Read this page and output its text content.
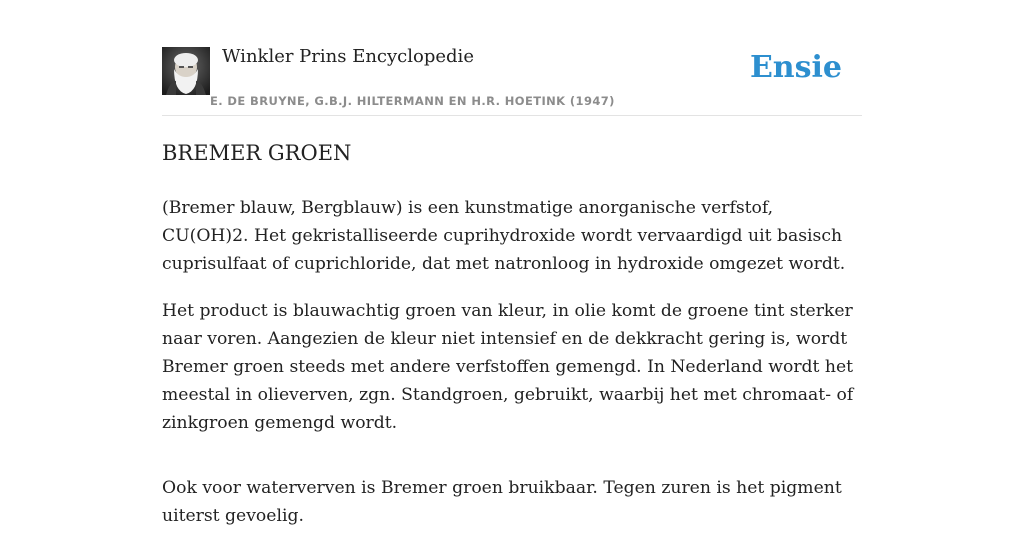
Winkler Prins Encyclopedie
E. DE BRUYNE, G.B.J. HILTERMANN EN H.R. HOETINK (1947)
Ensie
BREMER GROEN

(Bremer blauw, Bergblauw) is een kunstmatige anorganische verfstof, CU(OH)2. Het gekristalliseerde cuprihydroxide wordt vervaardigd uit basisch cuprisulfaat of cuprichloride, dat met natronloog in hydroxide omgezet wordt.

Het product is blauwachtig groen van kleur, in olie komt de groene tint sterker naar voren. Aangezien de kleur niet intensief en de dekkracht gering is, wordt Bremer groen steeds met andere verfstoffen gemengd. In Nederland wordt het meestal in olieverven, zgn. Standgroen, gebruikt, waarbij het met chromaat- of zinkgroen gemengd wordt.

Ook voor waterverven is Bremer groen bruikbaar. Tegen zuren is het pigment uiterst gevoelig.
